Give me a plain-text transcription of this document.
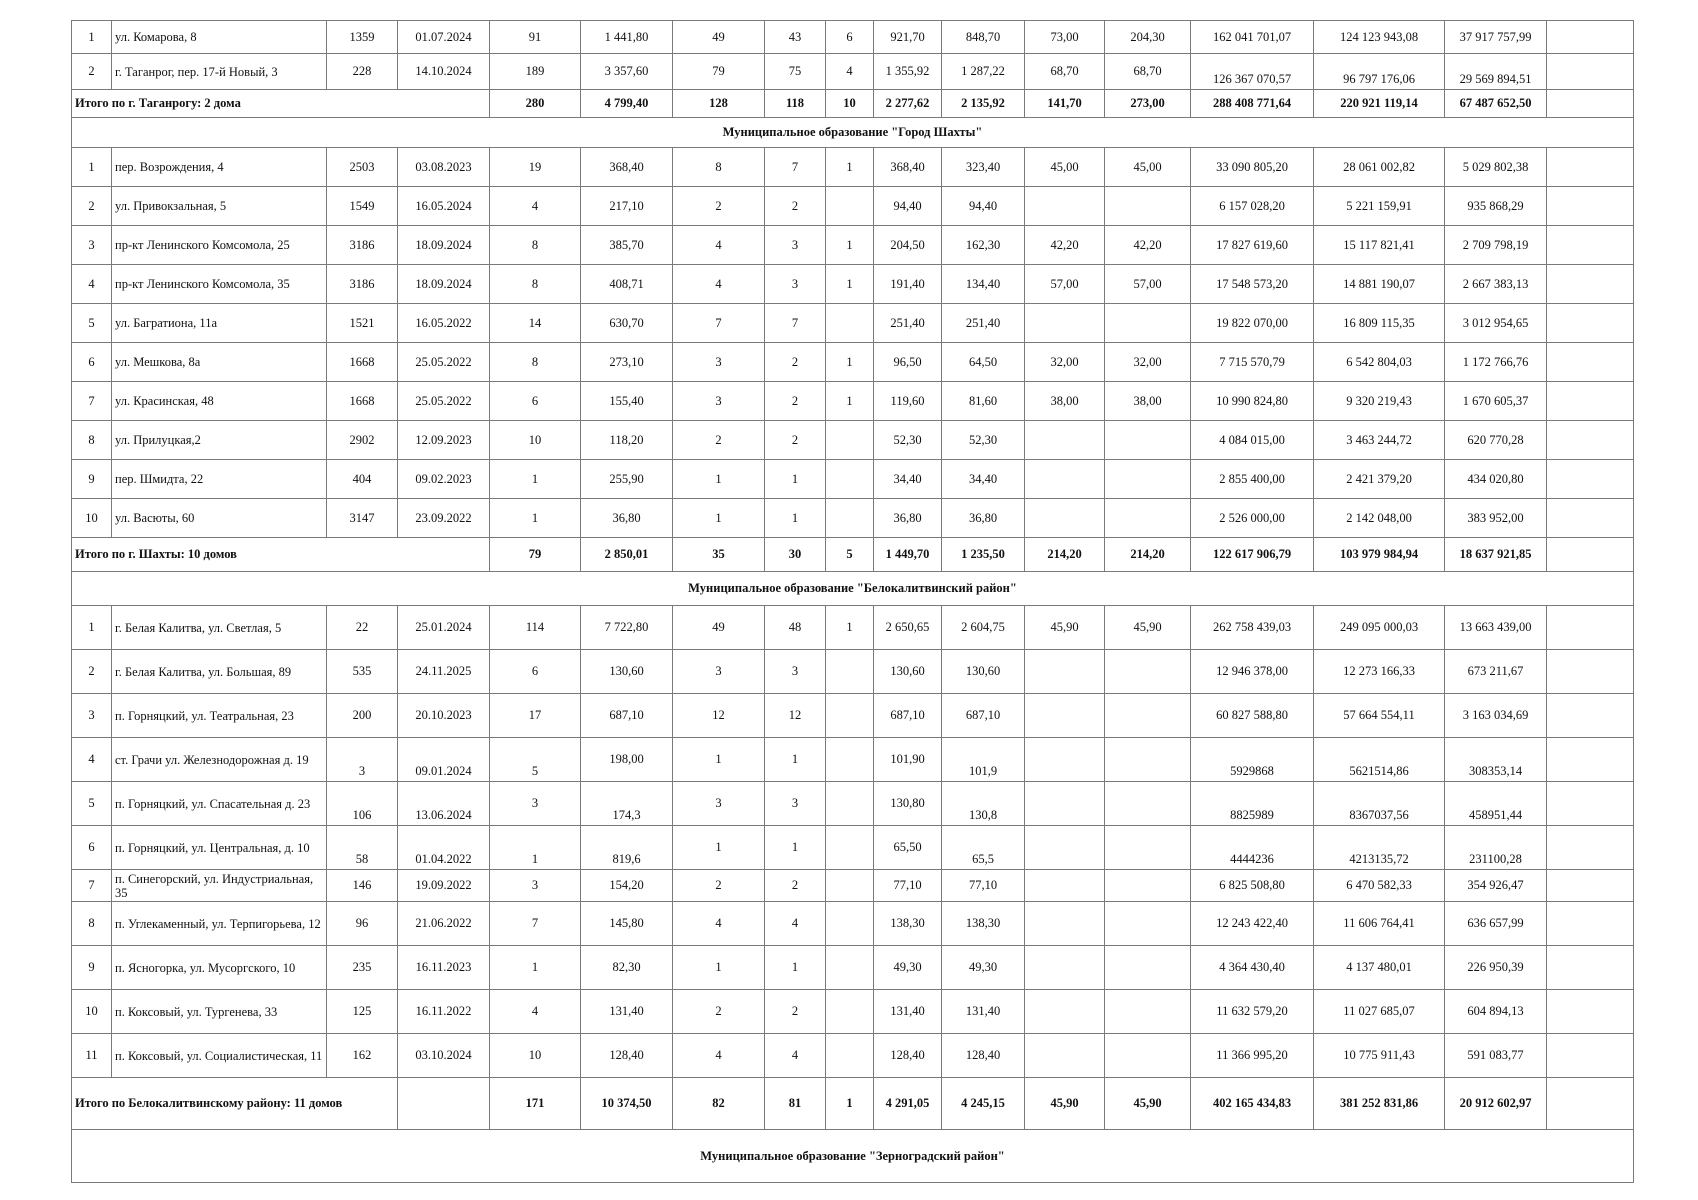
1	ул. Комарова, 8	1359	01.07.2024	91	1 441,80	49	43	6	921,70	848,70	73,00	204,30	162 041 701,07	124 123 943,08	37 917 757,99	
2	г. Таганрог, пер. 17-й Новый, 3	228	14.10.2024	189	3 357,60	79	75	4	1 355,92	1 287,22	68,70	68,70	126 367 070,57	96 797 176,06	29 569 894,51	
Итого по г. Таганрогу: 2 дома				280	4 799,40	128	118	10	2 277,62	2 135,92	141,70	273,00	288 408 771,64	220 921 119,14	67 487 652,50	
Муниципальное образование "Город Шахты"																
1	пер. Возрождения, 4	2503	03.08.2023	19	368,40	8	7	1	368,40	323,40	45,00	45,00	33 090 805,20	28 061 002,82	5 029 802,38	
2	ул. Привокзальная, 5	1549	16.05.2024	4	217,10	2	2		94,40	94,40			6 157 028,20	5 221 159,91	935 868,29	
3	пр-кт Ленинского Комсомола, 25	3186	18.09.2024	8	385,70	4	3	1	204,50	162,30	42,20	42,20	17 827 619,60	15 117 821,41	2 709 798,19	
4	пр-кт Ленинского Комсомола, 35	3186	18.09.2024	8	408,71	4	3	1	191,40	134,40	57,00	57,00	17 548 573,20	14 881 190,07	2 667 383,13	
5	ул. Багратиона, 11а	1521	16.05.2022	14	630,70	7	7		251,40	251,40			19 822 070,00	16 809 115,35	3 012 954,65	
6	ул. Мешкова, 8а	1668	25.05.2022	8	273,10	3	2	1	96,50	64,50	32,00	32,00	7 715 570,79	6 542 804,03	1 172 766,76	
7	ул. Красинская, 48	1668	25.05.2022	6	155,40	3	2	1	119,60	81,60	38,00	38,00	10 990 824,80	9 320 219,43	1 670 605,37	
8	ул. Прилуцкая,2	2902	12.09.2023	10	118,20	2	2		52,30	52,30			4 084 015,00	3 463 244,72	620 770,28	
9	пер. Шмидта, 22	404	09.02.2023	1	255,90	1	1		34,40	34,40			2 855 400,00	2 421 379,20	434 020,80	
10	ул. Васюты, 60	3147	23.09.2022	1	36,80	1	1		36,80	36,80			2 526 000,00	2 142 048,00	383 952,00	
Итого по г. Шахты: 10 домов				79	2 850,01	35	30	5	1 449,70	1 235,50	214,20	214,20	122 617 906,79	103 979 984,94	18 637 921,85	
Муниципальное образование "Белокалитвинский район"																
1	г. Белая Калитва, ул. Светлая, 5	22	25.01.2024	114	7 722,80	49	48	1	2 650,65	2 604,75	45,90	45,90	262 758 439,03	249 095 000,03	13 663 439,00	
2	г. Белая Калитва, ул. Большая, 89	535	24.11.2025	6	130,60	3	3		130,60	130,60			12 946 378,00	12 273 166,33	673 211,67	
3	п. Горняцкий, ул. Театральная, 23	200	20.10.2023	17	687,10	12	12		687,10	687,10			60 827 588,80	57 664 554,11	3 163 034,69	
4	ст. Грачи ул. Железнодорожная д. 19	3	09.01.2024	5	198,00	1	1		101,90	101,9			5929868	5621514,86	308353,14	
5	п. Горняцкий, ул. Спасательная д. 23	106	13.06.2024	3	174,3	3	3		130,80	130,8			8825989	8367037,56	458951,44	
6	п. Горняцкий, ул. Центральная, д. 10	58	01.04.2022	1	819,6	1	1		65,50	65,5			4444236	4213135,72	231100,28	
7	п. Синегорский, ул. Индустриальная, 35	146	19.09.2022	3	154,20	2	2		77,10	77,10			6 825 508,80	6 470 582,33	354 926,47	
8	п. Углекаменный, ул. Терпигорьева, 12	96	21.06.2022	7	145,80	4	4		138,30	138,30			12 243 422,40	11 606 764,41	636 657,99	
9	п. Ясногорка, ул. Мусоргского, 10	235	16.11.2023	1	82,30	1	1		49,30	49,30			4 364 430,40	4 137 480,01	226 950,39	
10	п. Коксовый, ул. Тургенева, 33	125	16.11.2022	4	131,40	2	2		131,40	131,40			11 632 579,20	11 027 685,07	604 894,13	
11	п. Коксовый, ул. Социалистическая, 11	162	03.10.2024	10	128,40	4	4		128,40	128,40			11 366 995,20	10 775 911,43	591 083,77	
Итого по Белокалитвинскому району: 11 домов				171	10 374,50	82	81	1	4 291,05	4 245,15	45,90	45,90	402 165 434,83	381 252 831,86	20 912 602,97	
Муниципальное образование "Зерноградский район"																
